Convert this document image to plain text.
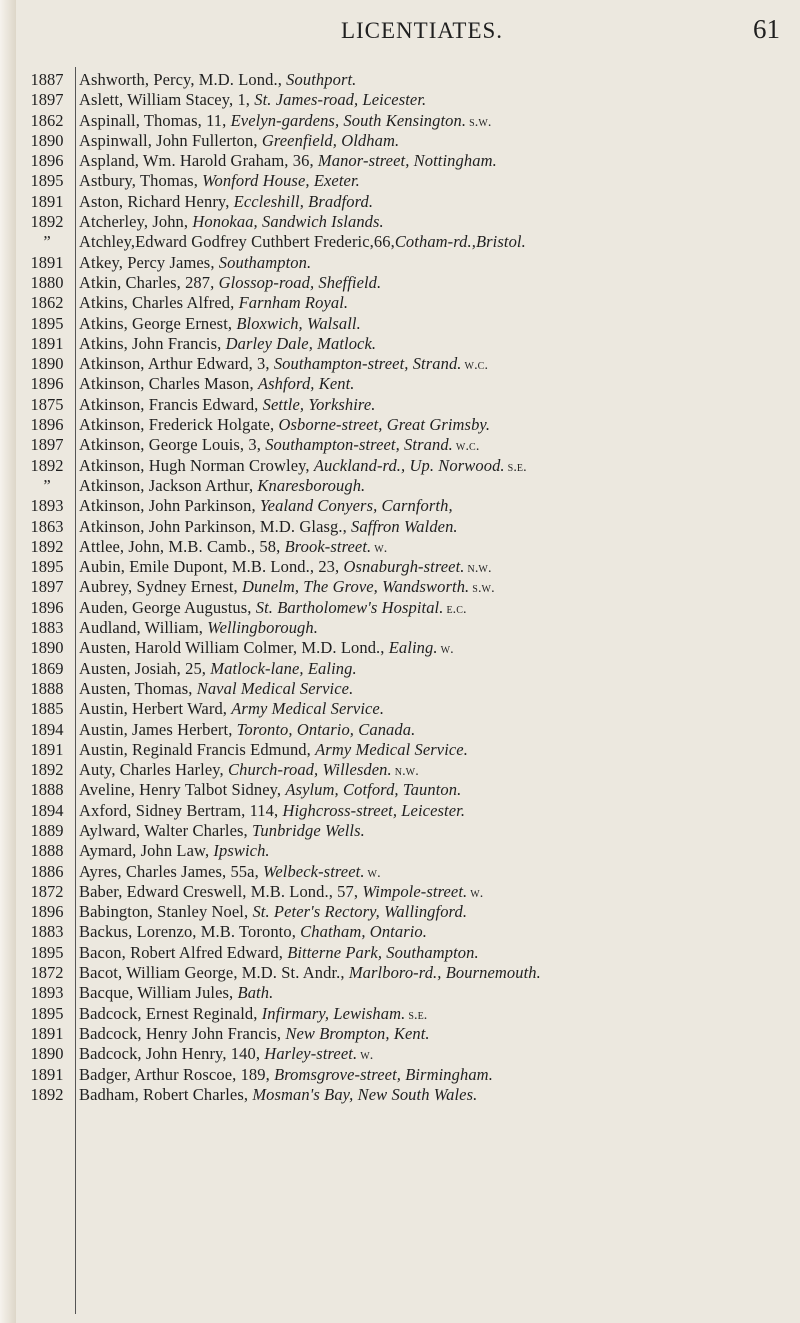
LICENTIATES.	61
1887 Ashworth, Percy, M.D. Lond., Southport.
1897 Aslett, William Stacey, 1, St. James-road, Leicester.
1862 Aspinall, Thomas, 11, Evelyn-gardens, South Kensington. s.w.
1890 Aspinwall, John Fullerton, Greenfield, Oldham.
1896 Aspland, Wm. Harold Graham, 36, Manor-street, Nottingham.
1895 Astbury, Thomas, Wonford House, Exeter.
1891 Aston, Richard Henry, Eccleshill, Bradford.
1892 Atcherley, John, Honokaa, Sandwich Islands.
”	Atchley,Edward Godfrey Cuthbert Frederic,66,Cotham-rd.,Bristol.
1891 Atkey, Percy James, Southampton.
1880 Atkin, Charles, 287, Glossop-road, Sheffield.
1862 Atkins, Charles Alfred, Farnham Royal.
1895 Atkins, George Ernest, Bloxwich, Walsall.
1891 Atkins, John Francis, Darley Dale, Matlock.
1890 Atkinson, Arthur Edward, 3, Southampton-street, Strand. w.c.
1896 Atkinson, Charles Mason, Ashford, Kent.
1875 Atkinson, Francis Edward, Settle, Yorkshire.
1896 Atkinson, Frederick Holgate, Osborne-street, Great Grimsby.
1897 Atkinson, George Louis, 3, Southampton-street, Strand. w.c.
1892 Atkinson, Hugh Norman Crowley, Auckland-rd., Up. Norwood. s.e.
”	Atkinson, Jackson Arthur, Knaresborough.
1893 Atkinson, John Parkinson, Yealand Conyers, Carnforth,
1863 Atkinson, John Parkinson, M.D. Glasg., Saffron Walden.
1892 Attlee, John, M.B. Camb., 58, Brook-street. w.
1895 Aubin, Emile Dupont, M.B. Lond., 23, Osnaburgh-street. n.w.
1897 Aubrey, Sydney Ernest, Dunelm, The Grove, Wandsworth. s.w.
1896 Auden, George Augustus, St. Bartholomew's Hospital. e.c.
1883 Audland, William, Wellingborough.
1890 Austen, Harold William Colmer, M.D. Lond., Ealing. w.
1869 Austen, Josiah, 25, Matlock-lane, Ealing.
1888 Austen, Thomas, Naval Medical Service.
1885 Austin, Herbert Ward, Army Medical Service.
1894 Austin, James Herbert, Toronto, Ontario, Canada.
1891 Austin, Reginald Francis Edmund, Army Medical Service.
1892 Auty, Charles Harley, Church-road, Willesden. n.w.
1888 Aveline, Henry Talbot Sidney, Asylum, Cotford, Taunton.
1894 Axford, Sidney Bertram, 114, Highcross-street, Leicester.
1889 Aylward, Walter Charles, Tunbridge Wells.
1888 Aymard, John Law, Ipswich.
1886 Ayres, Charles James, 55a, Welbeck-street. w.
1872 Baber, Edward Creswell, M.B. Lond., 57, Wimpole-street. w.
1896 Babington, Stanley Noel, St. Peter's Rectory, Wallingford.
1883 Backus, Lorenzo, M.B. Toronto, Chatham, Ontario.
1895 Bacon, Robert Alfred Edward, Bitterne Park, Southampton.
1872 Bacot, William George, M.D. St. Andr., Marlboro-rd., Bournemouth.
1893 Bacque, William Jules, Bath.
1895 Badcock, Ernest Reginald, Infirmary, Lewisham. s.e.
1891 Badcock, Henry John Francis, New Brompton, Kent.
1890 Badcock, John Henry, 140, Harley-street. w.
1891 Badger, Arthur Roscoe, 189, Bromsgrove-street, Birmingham.
1892 Badham, Robert Charles, Mosman's Bay, New South Wales.
